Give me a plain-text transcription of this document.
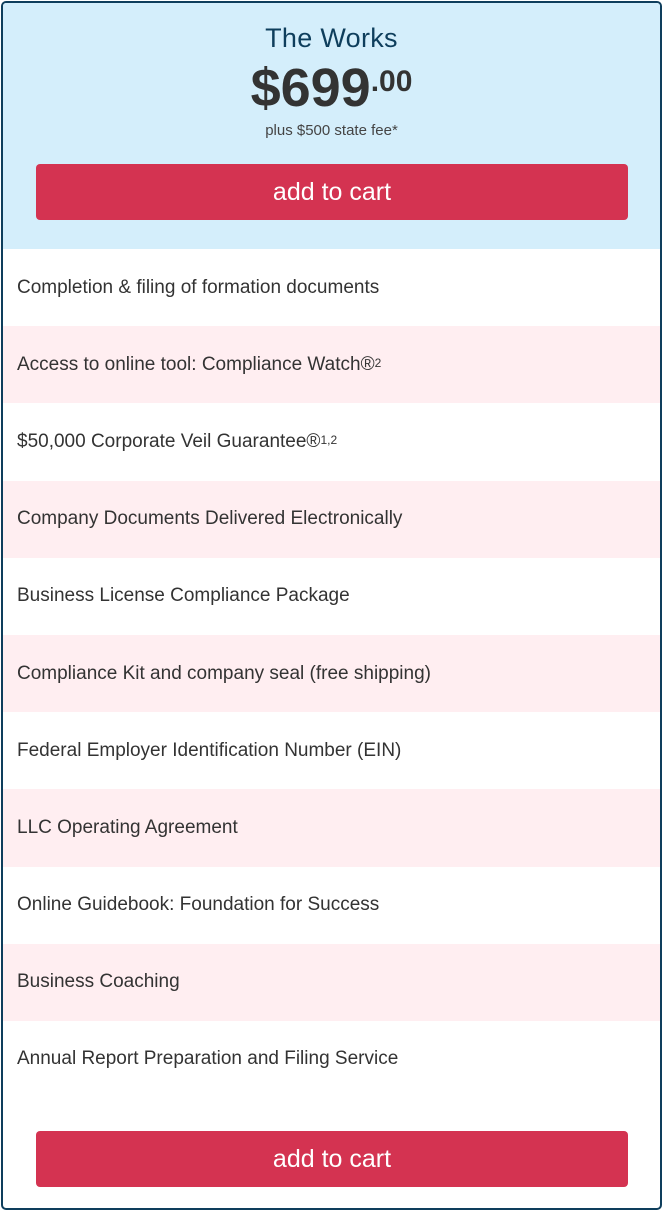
The Works
$699.00
plus $500 state fee*
add to cart
Completion & filing of formation documents
Access to online tool: Compliance Watch®$^2$
$50,000 Corporate Veil Guarantee®$^{1,2}$
Company Documents Delivered Electronically
Business License Compliance Package
Compliance Kit and company seal (free shipping)
Federal Employer Identification Number (EIN)
LLC Operating Agreement
Online Guidebook: Foundation for Success
Business Coaching
Annual Report Preparation and Filing Service
add to cart
